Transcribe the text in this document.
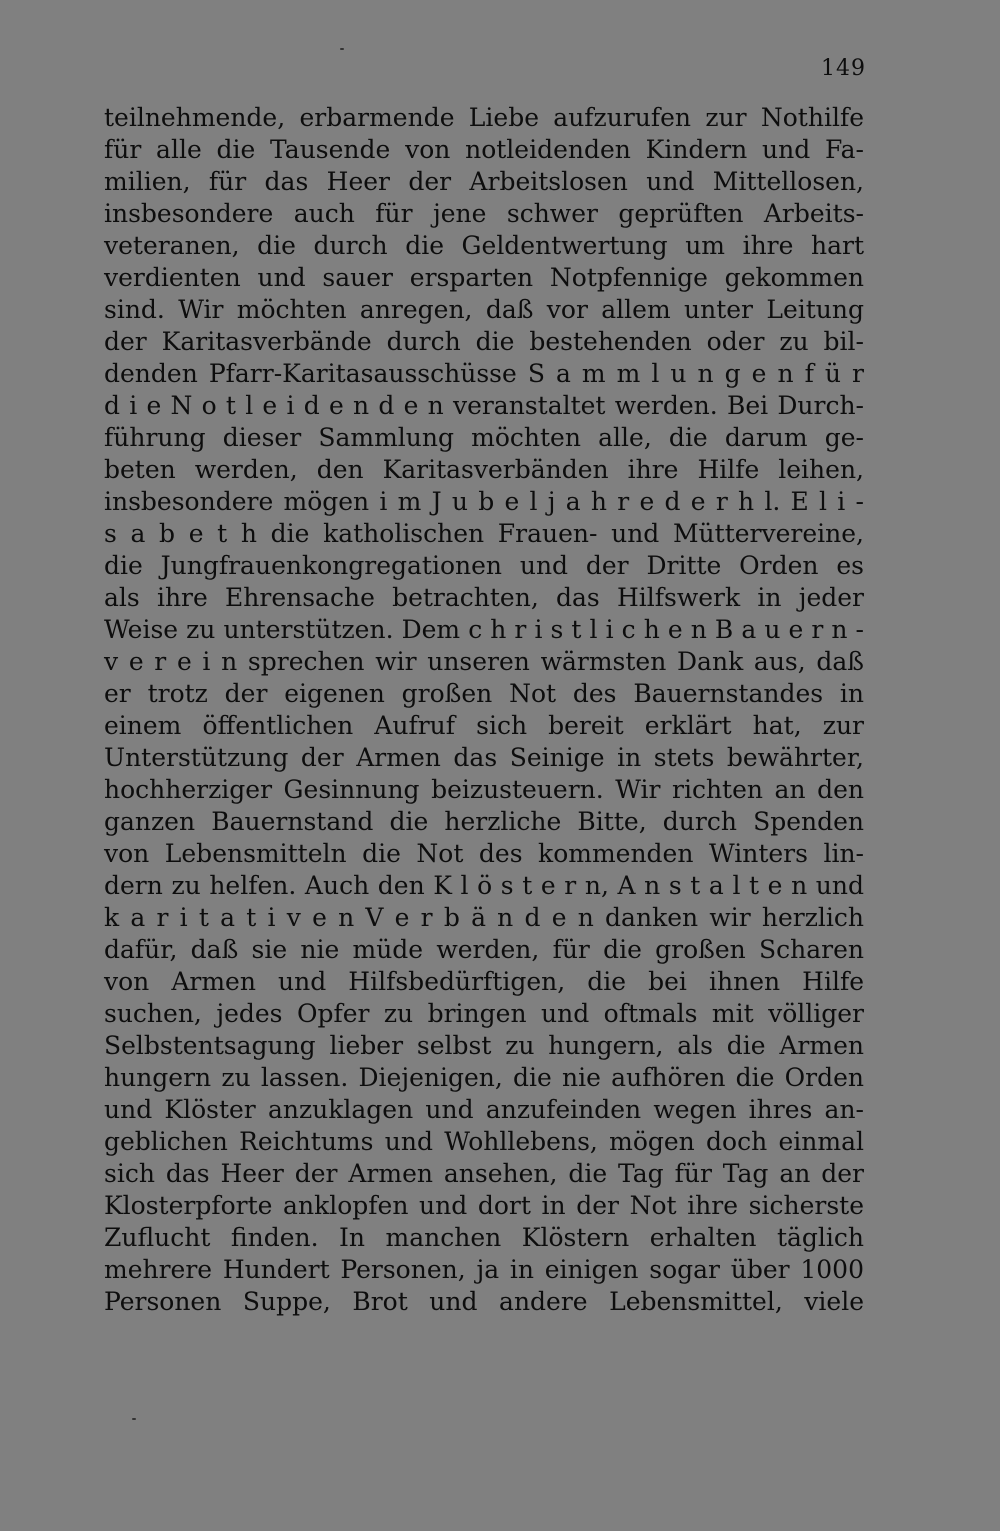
149
teilnehmende, erbarmende Liebe aufzurufen zur Nothilfe
für alle die Tausende von notleidenden Kindern und Fa-
milien, für das Heer der Arbeitslosen und Mittellosen,
insbesondere auch für jene schwer geprüften Arbeits-
veteranen, die durch die Geldentwertung um ihre hart
verdienten und sauer ersparten Notpfennige gekommen
sind. Wir möchten anregen, daß vor allem unter Leitung
der Karitasverbände durch die bestehenden oder zu bil-
denden Pfarr-Karitasausschüsse S a m m l u n g e n f ü r
d i e N o t l e i d e n d e n veranstaltet werden. Bei Durch-
führung dieser Sammlung möchten alle, die darum ge-
beten werden, den Karitasverbänden ihre Hilfe leihen,
insbesondere mögen i m J u b e l j a h r e d e r h l. E l i -
s a b e t h die katholischen Frauen- und Müttervereine,
die Jungfrauenkongregationen und der Dritte Orden es
als ihre Ehrensache betrachten, das Hilfswerk in jeder
Weise zu unterstützen. Dem c h r i s t l i c h e n B a u e r n -
v e r e i n sprechen wir unseren wärmsten Dank aus, daß
er trotz der eigenen großen Not des Bauernstandes in
einem öffentlichen Aufruf sich bereit erklärt hat, zur
Unterstützung der Armen das Seinige in stets bewährter,
hochherziger Gesinnung beizusteuern. Wir richten an den
ganzen Bauernstand die herzliche Bitte, durch Spenden
von Lebensmitteln die Not des kommenden Winters lin-
dern zu helfen. Auch den K l ö s t e r n, A n s t a l t e n und
k a r i t a t i v e n V e r b ä n d e n danken wir herzlich
dafür, daß sie nie müde werden, für die großen Scharen
von Armen und Hilfsbedürftigen, die bei ihnen Hilfe
suchen, jedes Opfer zu bringen und oftmals mit völliger
Selbstentsagung lieber selbst zu hungern, als die Armen
hungern zu lassen. Diejenigen, die nie aufhören die Orden
und Klöster anzuklagen und anzufeinden wegen ihres an-
geblichen Reichtums und Wohllebens, mögen doch einmal
sich das Heer der Armen ansehen, die Tag für Tag an der
Klosterpforte anklopfen und dort in der Not ihre sicherste
Zuflucht finden. In manchen Klöstern erhalten täglich
mehrere Hundert Personen, ja in einigen sogar über 1000
Personen Suppe, Brot und andere Lebensmittel, viele
